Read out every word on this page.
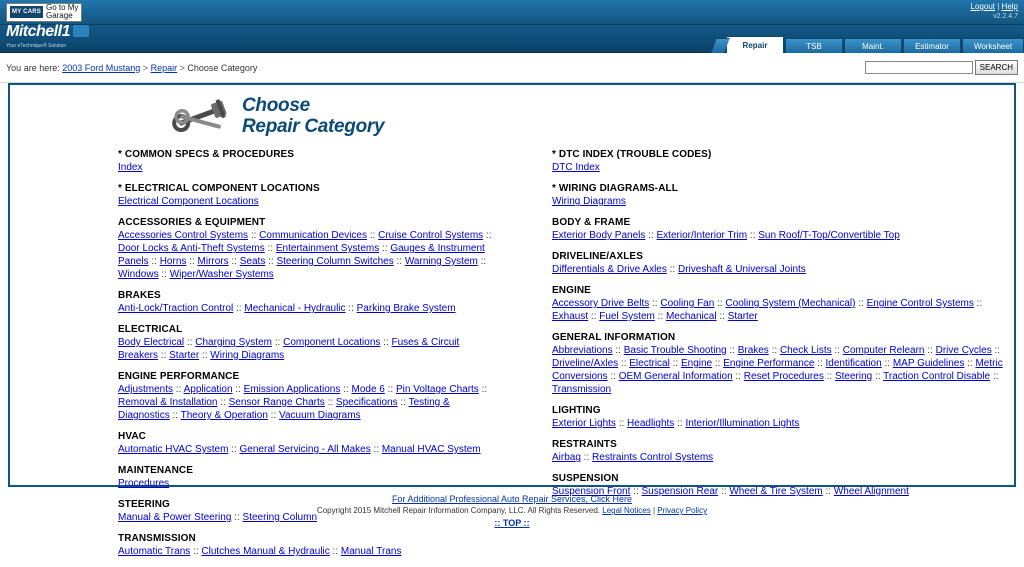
MY CARS Go to My
Garage
Logout | Help
v2.2.4.7
Mitchell1
Your eTechnique® Solution	Repair	TSB	Maint.	Estimator	Worksheet
You are here: 2003 Ford Mustang > Repair > Choose Category	SEARCH
Choose
Repair Category
* COMMON SPECS & PROCEDURES
Index
* ELECTRICAL COMPONENT LOCATIONS
Electrical Component Locations
ACCESSORIES & EQUIPMENT
Accessories Control Systems :: Communication Devices :: Cruise Control Systems :: Door Locks & Anti-Theft Systems :: Entertainment Systems :: Gauges & Instrument Panels :: Horns :: Mirrors :: Seats :: Steering Column Switches :: Warning System :: Windows :: Wiper/Washer Systems
BRAKES
Anti-Lock/Traction Control :: Mechanical - Hydraulic :: Parking Brake System
ELECTRICAL
Body Electrical :: Charging System :: Component Locations :: Fuses & Circuit Breakers :: Starter :: Wiring Diagrams
ENGINE PERFORMANCE
Adjustments :: Application :: Emission Applications :: Mode 6 :: Pin Voltage Charts :: Removal & Installation :: Sensor Range Charts :: Specifications :: Testing & Diagnostics :: Theory & Operation :: Vacuum Diagrams
HVAC
Automatic HVAC System :: General Servicing - All Makes :: Manual HVAC System
MAINTENANCE
Procedures
STEERING
Manual & Power Steering :: Steering Column
TRANSMISSION
Automatic Trans :: Clutches Manual & Hydraulic :: Manual Trans
* DTC INDEX (TROUBLE CODES)
DTC Index
* WIRING DIAGRAMS-ALL
Wiring Diagrams
BODY & FRAME
Exterior Body Panels :: Exterior/Interior Trim :: Sun Roof/T-Top/Convertible Top
DRIVELINE/AXLES
Differentials & Drive Axles :: Driveshaft & Universal Joints
ENGINE
Accessory Drive Belts :: Cooling Fan :: Cooling System (Mechanical) :: Engine Control Systems :: Exhaust :: Fuel System :: Mechanical :: Starter
GENERAL INFORMATION
Abbreviations :: Basic Trouble Shooting :: Brakes :: Check Lists :: Computer Relearn :: Drive Cycles :: Driveline/Axles :: Electrical :: Engine :: Engine Performance :: Identification :: MAP Guidelines :: Metric Conversions :: OEM General Information :: Reset Procedures :: Steering :: Traction Control Disable :: Transmission
LIGHTING
Exterior Lights :: Headlights :: Interior/Illumination Lights
RESTRAINTS
Airbag :: Restraints Control Systems
SUSPENSION
Suspension Front :: Suspension Rear :: Wheel & Tire System :: Wheel Alignment
For Additional Professional Auto Repair Services, Click Here
Copyright 2015 Mitchell Repair Information Company, LLC. All Rights Reserved. Legal Notices | Privacy Policy
:: TOP ::
